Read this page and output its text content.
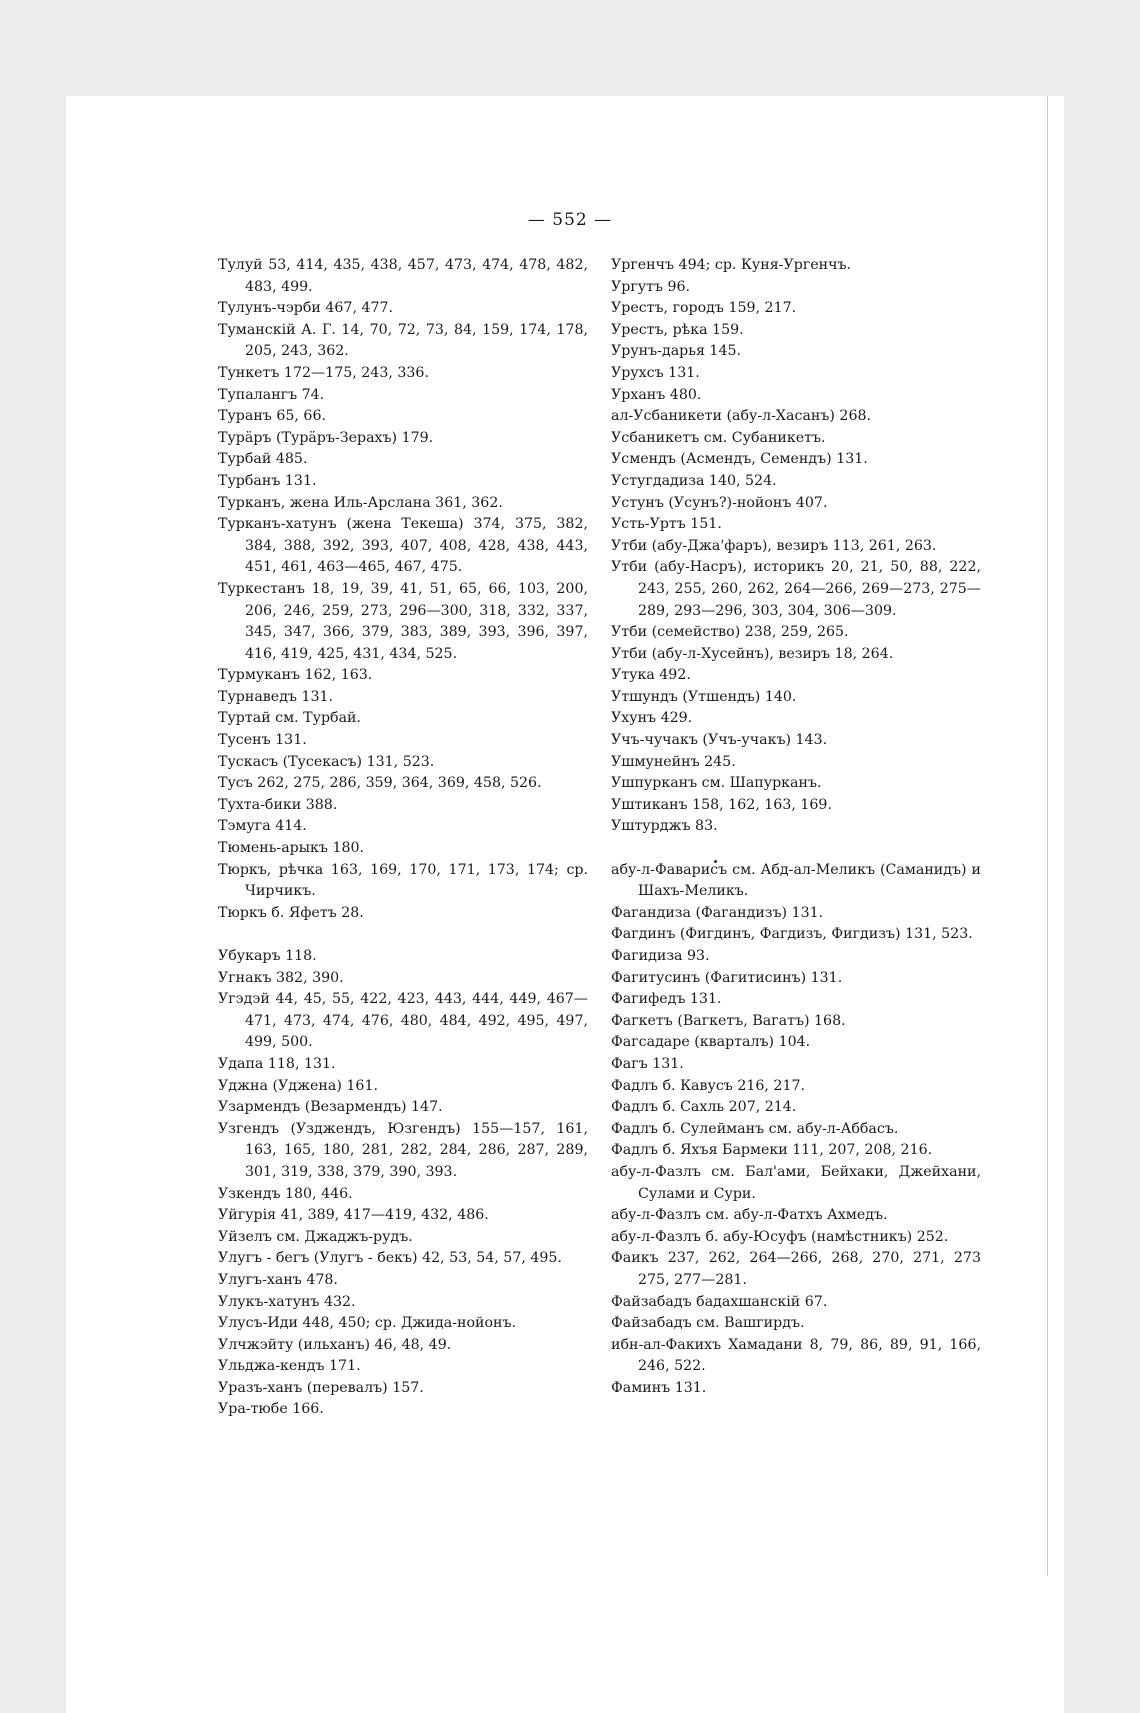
— 552 —
Тулуй 53, 414, 435, 438, 457, 473, 474, 478, 482, 483, 499.
Тулунъ-чэрби 467, 477.
Туманскій А. Г. 14, 70, 72, 73, 84, 159, 174, 178, 205, 243, 362.
Тункетъ 172—175, 243, 336.
Тупалангъ 74.
Туранъ 65, 66.
Турäръ (Турäръ-Зерахъ) 179.
Турбай 485.
Турбанъ 131.
Турканъ, жена Иль-Арслана 361, 362.
Турканъ-хатунъ (жена Текеша) 374, 375, 382, 384, 388, 392, 393, 407, 408, 428, 438, 443, 451, 461, 463—465, 467, 475.
Туркестанъ 18, 19, 39, 41, 51, 65, 66, 103, 200, 206, 246, 259, 273, 296—300, 318, 332, 337, 345, 347, 366, 379, 383, 389, 393, 396, 397, 416, 419, 425, 431, 434, 525.
Турмуканъ 162, 163.
Турнаведъ 131.
Туртай см. Турбай.
Тусенъ 131.
Тускасъ (Тусекасъ) 131, 523.
Тусъ 262, 275, 286, 359, 364, 369, 458, 526.
Тухта-бики 388.
Тэмуга 414.
Тюмень-арыкъ 180.
Тюркъ, рѣчка 163, 169, 170, 171, 173, 174; ср. Чирчикъ.
Тюркъ б. Яфетъ 28.
Убукаръ 118.
Угнакъ 382, 390.
Угэдэй 44, 45, 55, 422, 423, 443, 444, 449, 467—471, 473, 474, 476, 480, 484, 492, 495, 497, 499, 500.
Удапа 118, 131.
Уджна (Уджена) 161.
Узармендъ (Везармендъ) 147.
Узгендъ (Узджендъ, Юзгендъ) 155—157, 161, 163, 165, 180, 281, 282, 284, 286, 287, 289, 301, 319, 338, 379, 390, 393.
Узкендъ 180, 446.
Уйгурія 41, 389, 417—419, 432, 486.
Уйзелъ см. Джаджъ-рудъ.
Улугъ - бегъ (Улугъ - бекъ) 42, 53, 54, 57, 495.
Улугъ-ханъ 478.
Улукъ-хатунъ 432.
Улусъ-Иди 448, 450; ср. Джида-нойонъ.
Улчжэйту (ильханъ) 46, 48, 49.
Ульджа-кендъ 171.
Уразъ-ханъ (перевалъ) 157.
Ура-тюбе 166.
Ургенчъ 494; ср. Куня-Ургенчъ.
Ургутъ 96.
Урестъ, городъ 159, 217.
Урестъ, рѣка 159.
Урунъ-дарья 145.
Урухсъ 131.
Урханъ 480.
ал-Усбаникети (абу-л-Хасанъ) 268.
Усбаникетъ см. Субаникетъ.
Усмендъ (Асмендъ, Семендъ) 131.
Устугдадиза 140, 524.
Устунъ (Усунъ?)-нойонъ 407.
Усть-Уртъ 151.
Утби (абу-Джа'фаръ), везиръ 113, 261, 263.
Утби (абу-Насръ), историкъ 20, 21, 50, 88, 222, 243, 255, 260, 262, 264—266, 269—273, 275—289, 293—296, 303, 304, 306—309.
Утби (семейство) 238, 259, 265.
Утби (абу-л-Хусейнъ), везиръ 18, 264.
Утука 492.
Утшундъ (Утшендъ) 140.
Ухунъ 429.
Учъ-чучакъ (Учъ-учакъ) 143.
Ушмунейнъ 245.
Ушпурканъ см. Шапурканъ.
Уштиканъ 158, 162, 163, 169.
Уштурджъ 83.
абу-л-Фаварисъ см. Абд-ал-Меликъ (Саманидъ) и Шахъ-Меликъ.
Фагандиза (Фагандизъ) 131.
Фагдинъ (Фигдинъ, Фагдизъ, Фигдизъ) 131, 523.
Фагидиза 93.
Фагитусинъ (Фагитисинъ) 131.
Фагифедъ 131.
Фагкетъ (Вагкетъ, Вагатъ) 168.
Фагсадаре (кварталъ) 104.
Фагъ 131.
Фадлъ б. Кавусъ 216, 217.
Фадлъ б. Сахль 207, 214.
Фадлъ б. Сулейманъ см. абу-л-Аббасъ.
Фадлъ б. Яхъя Бармеки 111, 207, 208, 216.
абу-л-Фазлъ см. Бал'ами, Бейхаки, Джейхани, Сулами и Сури.
абу-л-Фазлъ см. абу-л-Фатхъ Ахмедъ.
абу-л-Фазлъ б. абу-Юсуфъ (намѣстникъ) 252.
Фаикъ 237, 262, 264—266, 268, 270, 271, 273 275, 277—281.
Файзабадъ бадахшанскій 67.
Файзабадъ см. Вашгирдъ.
ибн-ал-Факихъ Хамадани 8, 79, 86, 89, 91, 166, 246, 522.
Фаминъ 131.
